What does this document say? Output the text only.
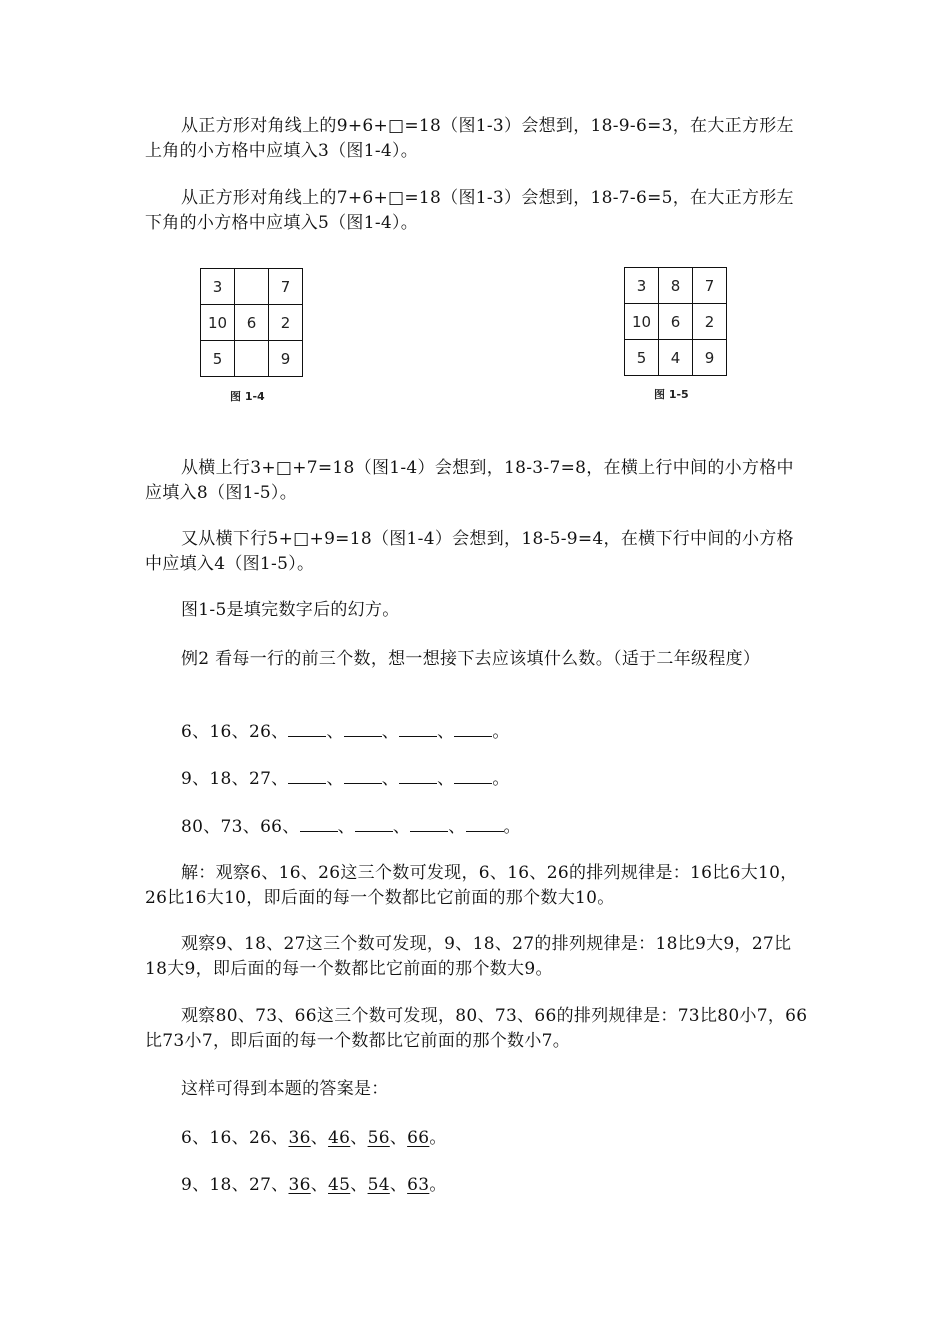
从正方形对角线上的9+6+□=18（图1-3）会想到，18-9-6=3，在大正方形左上角的小方格中应填入3（图1-4）。

从正方形对角线上的7+6+□=18（图1-3）会想到，18-7-6=5，在大正方形左下角的小方格中应填入5（图1-4）。

3		7
10	6	2
5		9
图 1-4
3	8	7
10	6	2
5	4	9
图 1-5

从横上行3+□+7=18（图1-4）会想到，18-3-7=8，在横上行中间的小方格中应填入8（图1-5）。

又从横下行5+□+9=18（图1-4）会想到，18-5-9=4，在横下行中间的小方格中应填入4（图1-5）。

图1-5是填完数字后的幻方。

例2 看每一行的前三个数，想一想接下去应该填什么数。（适于二年级程度）

6、16、26、 、 、 、 。
9、18、27、 、 、 、 。
80、73、66、 、 、 、 。

解：观察6、16、26这三个数可发现，6、16、26的排列规律是：16比6大10，26比16大10，即后面的每一个数都比它前面的那个数大10。

观察9、18、27这三个数可发现，9、18、27的排列规律是：18比9大9，27比18大9，即后面的每一个数都比它前面的那个数大9。

观察80、73、66这三个数可发现，80、73、66的排列规律是：73比80小7，66比73小7，即后面的每一个数都比它前面的那个数小7。

这样可得到本题的答案是：

6、16、26、36、46、56、66。
9、18、27、36、45、54、63。
